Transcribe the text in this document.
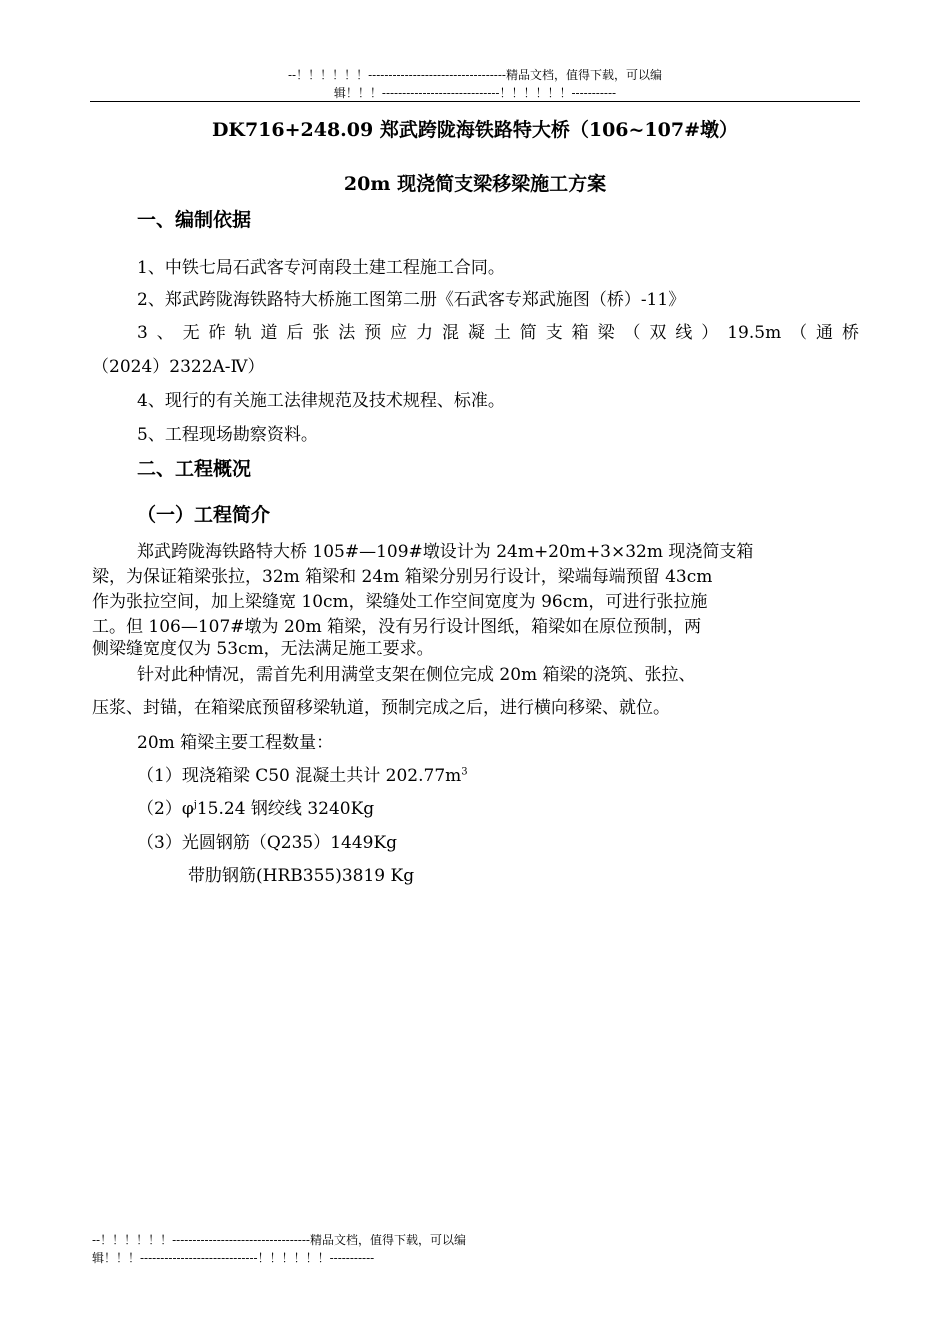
--！！！！！！----------------------------------精品文档，值得下载，可以编
辑！！！-----------------------------！！！！！！-----------
DK716+248.09 郑武跨陇海铁路特大桥（106~107#墩）
20m 现浇简支梁移梁施工方案
一、编制依据
1、中铁七局石武客专河南段土建工程施工合同。
2、郑武跨陇海铁路特大桥施工图第二册《石武客专郑武施图（桥）-11》
3、无砟轨道后张法预应力混凝土简支箱梁（双线）19.5m（通桥
（2024）2322A-Ⅳ）
4、现行的有关施工法律规范及技术规程、标准。
5、工程现场勘察资料。
二、工程概况
（一）工程简介
郑武跨陇海铁路特大桥 105#—109#墩设计为 24m+20m+3×32m 现浇简支箱
梁，为保证箱梁张拉，32m 箱梁和 24m 箱梁分别另行设计，梁端每端预留 43cm
作为张拉空间，加上梁缝宽 10cm，梁缝处工作空间宽度为 96cm，可进行张拉施
工。但 106—107#墩为 20m 箱梁，没有另行设计图纸，箱梁如在原位预制，两
侧梁缝宽度仅为 53cm，无法满足施工要求。
针对此种情况，需首先利用满堂支架在侧位完成 20m 箱梁的浇筑、张拉、
压浆、封锚，在箱梁底预留移梁轨道，预制完成之后，进行横向移梁、就位。
20m 箱梁主要工程数量：
（1）现浇箱梁 C50 混凝土共计 $202.77m^3$
$(2)\varphi^j15.24$ 钢绞线 3240Kg
（3）光圆钢筋（Q235）1449Kg
带肋钢筋(HRB355)3819 Kg
--！！！！！！----------------------------------精品文档，值得下载，可以编
辑！！！-----------------------------！！！！！！-----------
